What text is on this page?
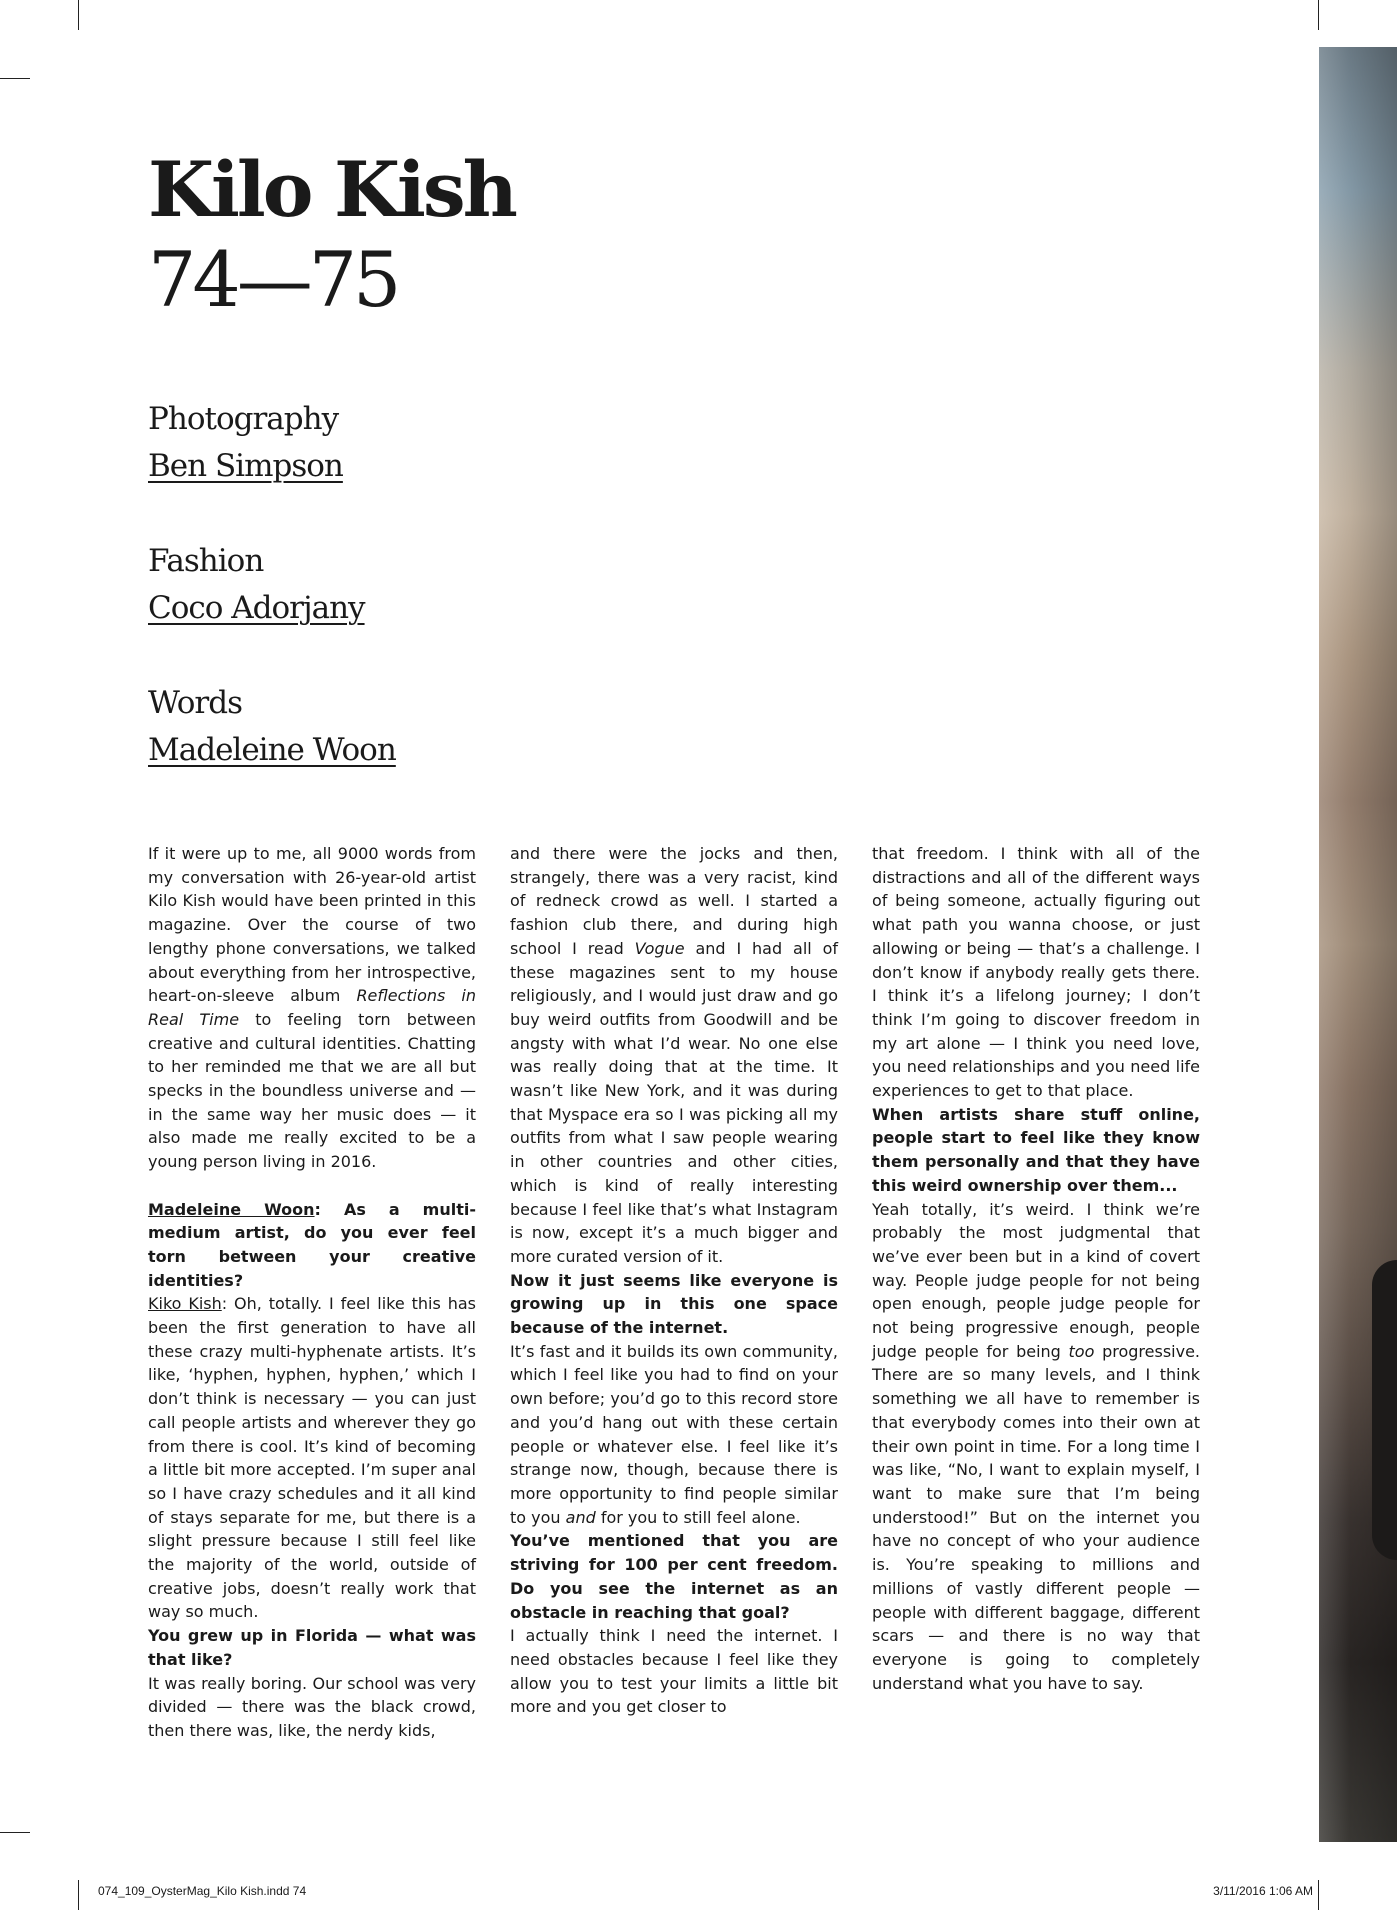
Kilo Kish
74—75
Photography
Ben Simpson
Fashion
Coco Adorjany
Words
Madeleine Woon

If it were up to me, all 9000 words from my conversation with 26-year-old artist Kilo Kish would have been printed in this magazine. Over the course of two lengthy phone conversations, we talked about everything from her introspective, heart-on-sleeve album Reflections in Real Time to feeling torn between creative and cultural identities. Chatting to her reminded me that we are all but specks in the boundless universe and — in the same way her music does — it also made me really excited to be a young person living in 2016.

Madeleine Woon: As a multi-medium artist, do you ever feel torn between your creative identities?

Kiko Kish: Oh, totally. I feel like this has been the first generation to have all these crazy multi-hyphenate artists. It’s like, ‘hyphen, hyphen, hyphen,’ which I don’t think is necessary — you can just call people artists and wherever they go from there is cool. It’s kind of becoming a little bit more accepted. I’m super anal so I have crazy schedules and it all kind of stays separate for me, but there is a slight pressure because I still feel like the majority of the world, outside of creative jobs, doesn’t really work that way so much.

You grew up in Florida — what was that like?

It was really boring. Our school was very divided — there was the black crowd, then there was, like, the nerdy kids,

and there were the jocks and then, strangely, there was a very racist, kind of redneck crowd as well. I started a fashion club there, and during high school I read Vogue and I had all of these magazines sent to my house religiously, and I would just draw and go buy weird outfits from Goodwill and be angsty with what I’d wear. No one else was really doing that at the time. It wasn’t like New York, and it was during that Myspace era so I was picking all my outfits from what I saw people wearing in other countries and other cities, which is kind of really interesting because I feel like that’s what Instagram is now, except it’s a much bigger and more curated version of it.

Now it just seems like everyone is growing up in this one space because of the internet.

It’s fast and it builds its own community, which I feel like you had to find on your own before; you’d go to this record store and you’d hang out with these certain people or whatever else. I feel like it’s strange now, though, because there is more opportunity to find people similar to you and for you to still feel alone.

You’ve mentioned that you are striving for 100 per cent freedom. Do you see the internet as an obstacle in reaching that goal?

I actually think I need the internet. I need obstacles because I feel like they allow you to test your limits a little bit more and you get closer to

that freedom. I think with all of the distractions and all of the different ways of being someone, actually figuring out what path you wanna choose, or just allowing or being — that’s a challenge. I don’t know if anybody really gets there. I think it’s a lifelong journey; I don’t think I’m going to discover freedom in my art alone — I think you need love, you need relationships and you need life experiences to get to that place.

When artists share stuff online, people start to feel like they know them personally and that they have this weird ownership over them...

Yeah totally, it’s weird. I think we’re probably the most judgmental that we’ve ever been but in a kind of covert way. People judge people for not being open enough, people judge people for not being progressive enough, people judge people for being too progressive. There are so many levels, and I think something we all have to remember is that everybody comes into their own at their own point in time. For a long time I was like, “No, I want to explain myself, I want to make sure that I’m being understood!” But on the internet you have no concept of who your audience is. You’re speaking to millions and millions of vastly different people — people with different baggage, different scars — and there is no way that everyone is going to completely understand what you have to say.

074_109_OysterMag_Kilo Kish.indd 74	3/11/2016 1:06 AM
